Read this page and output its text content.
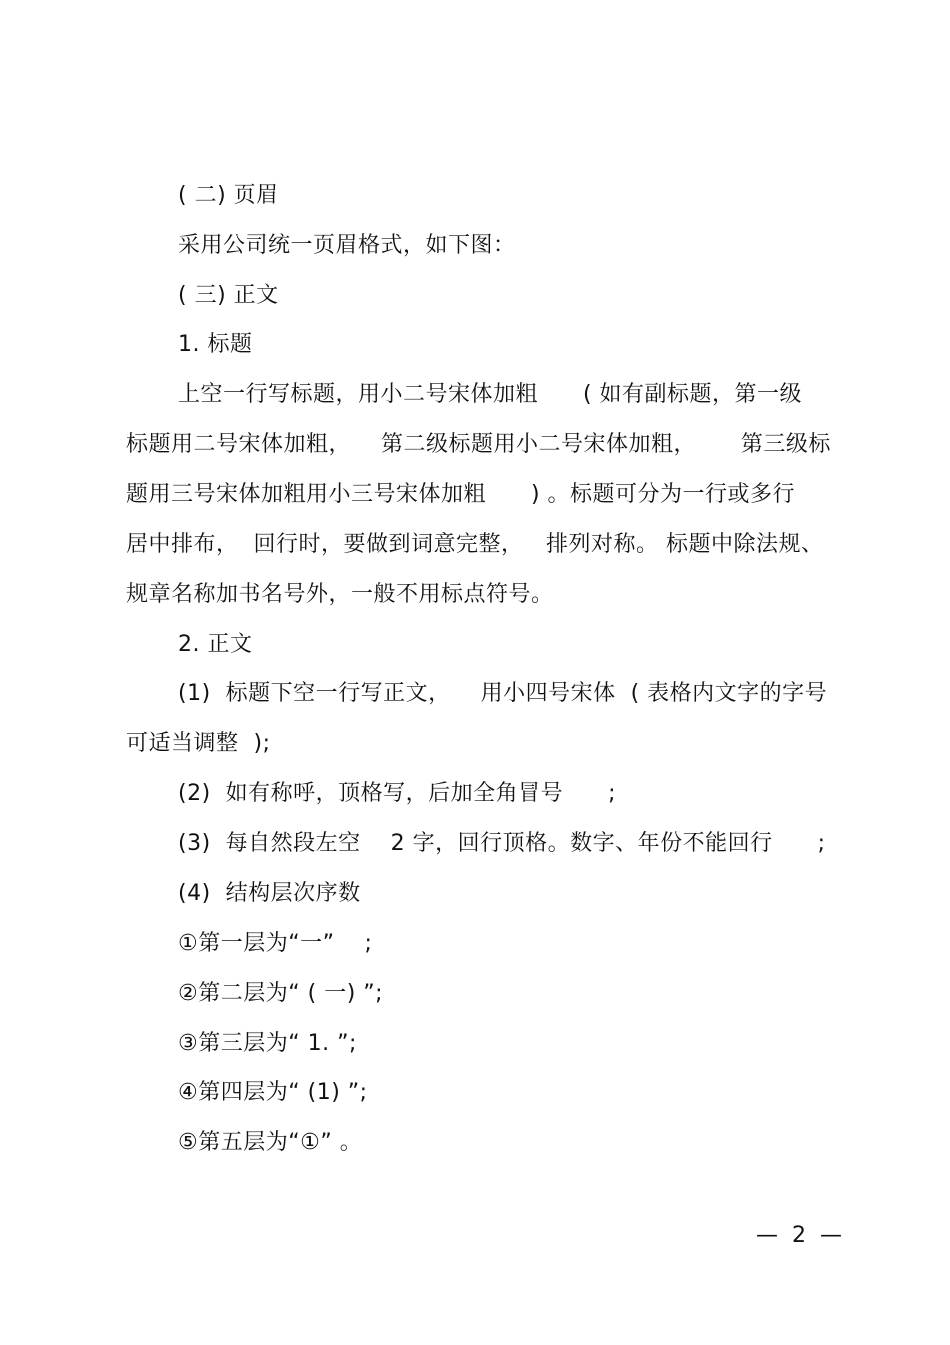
( 二) 页眉
采用公司统一页眉格式，如下图：
( 三) 正文
1. 标题
上空一行写标题，用小二号宋体加粗      ( 如有副标题，第一级
标题用二号宋体加粗，    第二级标题用小二号宋体加粗，      第三级标
题用三号宋体加粗用小三号宋体加粗      ) 。标题可分为一行或多行
居中排布，  回行时，要做到词意完整，   排列对称。 标题中除法规、
规章名称加书名号外，一般不用标点符号。
2. 正文
(1)  标题下空一行写正文，    用小四号宋体  ( 表格内文字的字号
可适当调整  );
(2)  如有称呼，顶格写，后加全角冒号      ;
(3)  每自然段左空    2 字，回行顶格。数字、年份不能回行      ;
(4)  结构层次序数
①第一层为“一”    ;
②第二层为“ ( 一) ”;
③第三层为“ 1. ”;
④第四层为“ (1) ”;
⑤第五层为“①” 。
—  2  —
